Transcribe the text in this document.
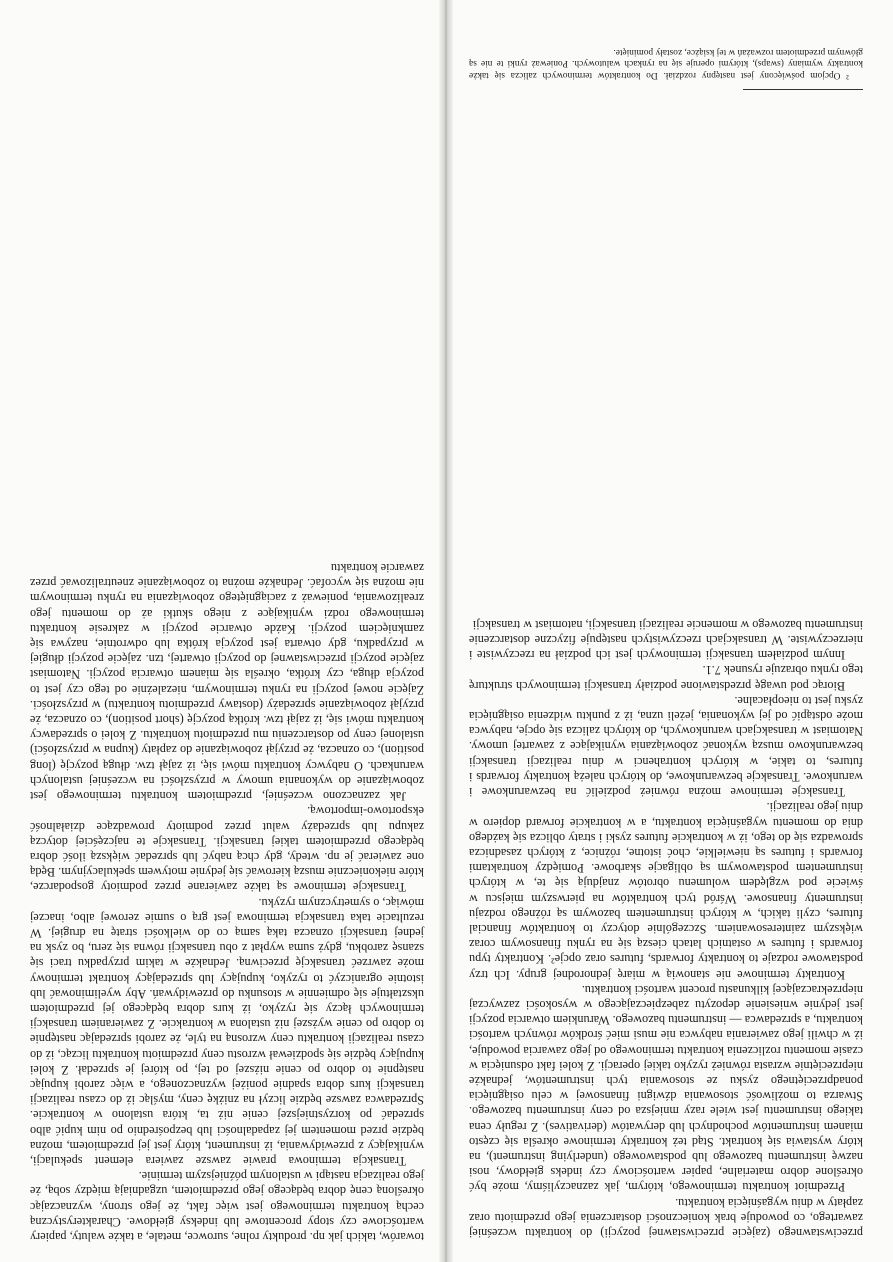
przeciwstawnego (zajęcie przeciwstawnej pozycji) do kontraktu wcześniej zawartego, co powoduje brak konieczności dostarczenia jego przedmiotu oraz zapłaty w dniu wygaśnięcia kontraktu.

Przedmiot kontraktu terminowego, którym, jak zaznaczyliśmy, może być określone dobro materialne, papier wartościowy czy indeks giełdowy, nosi nazwę instrumentu bazowego lub podstawowego (underlying instrument), na który wystawia się kontrakt. Stąd też kontrakty terminowe określa się często mianem instrumentów pochodnych lub derywatów (derivatives). Z reguły cena takiego instrumentu jest wiele razy mniejsza od ceny instrumentu bazowego. Stwarza to możliwość stosowania dźwigni finansowej w celu osiągnięcia ponadprzeciętnego zysku ze stosowania tych instrumentów, jednakże nieprzeciętnie wzrasta również ryzyko takiej operacji. Z kolei fakt odsunięcia w czasie momentu rozliczenia kontraktu terminowego od jego zawarcia powoduje, iż w chwili jego zawierania nabywca nie musi mieć środków równych wartości kontraktu, a sprzedawca — instrumentu bazowego. Warunkiem otwarcia pozycji jest jedynie wniesienie depozytu zabezpieczającego w wysokości zazwyczaj nieprzekraczającej kilkunastu procent wartości kontraktu.

Kontrakty terminowe nie stanowią w miarę jednorodnej grupy. Ich trzy podstawowe rodzaje to kontrakty forwards, futures oraz opcje². Kontrakty typu forwards i futures w ostatnich latach cieszą się na rynku finansowym coraz większym zainteresowaniem. Szczególnie dotyczy to kontraktów financial futures, czyli takich, w których instrumentem bazowym są różnego rodzaju instrumenty finansowe. Wśród tych kontraktów na pierwszym miejscu w świecie pod względem wolumenu obrotów znajdują się te, w których instrumentem podstawowym są obligacje skarbowe. Pomiędzy kontraktami forwards i futures są niewielkie, choć istotne, różnice, z których zasadnicza sprowadza się do tego, iż w kontrakcie futures zyski i straty oblicza się każdego dnia do momentu wygaśnięcia kontraktu, a w kontrakcie forward dopiero w dniu jego realizacji.

Transakcje terminowe można również podzielić na bezwarunkowe i warunkowe. Transakcje bezwarunkowe, do których należą kontrakty forwards i futures, to takie, w których kontrahenci w dniu realizacji transakcji bezwarunkowo muszą wykonać zobowiązania wynikające z zawartej umowy. Natomiast w transakcjach warunkowych, do których zalicza się opcje, nabywca może odstąpić od jej wykonania, jeżeli uzna, iż z punktu widzenia osiągnięcia zysku jest to nieopłacalne.

Biorąc pod uwagę przedstawione podziały transakcji terminowych strukturę tego rynku obrazuje rysunek 7.1.

Innym podziałem transakcji terminowych jest ich podział na rzeczywiste i nierzeczywiste. W transakcjach rzeczywistych następuje fizyczne dostarczenie instrumentu bazowego w momencie realizacji transakcji, natomiast w transakcji

² Opcjom poświęcony jest następny rozdział. Do kontraktów terminowych zalicza się także kontrakty wymiany (swaps), którymi operuje się na rynkach walutowych. Ponieważ rynki te nie są głównym przedmiotem rozważań w tej książce, zostały pominięte.

towarów, takich jak np. produkty rolne, surowce, metale, a także waluty, papiery wartościowe czy stopy procentowe lub indeksy giełdowe. Charakterystyczną cechą kontraktu terminowego jest więc fakt, że jego strony, wyznaczając określoną cenę dobra będącego jego przedmiotem, uzgadniają między sobą, że jego realizacja nastąpi w ustalonym późniejszym terminie.

Transakcja terminowa prawie zawsze zawiera element spekulacji, wynikający z przewidywania, iż instrument, który jest jej przedmiotem, można będzie przed momentem jej zapadalności lub bezpośrednio po nim kupić albo sprzedać po korzystniejszej cenie niż ta, która ustalono w kontrakcie. Sprzedawca zawsze będzie liczył na zniżkę ceny, myśląc iż do czasu realizacji transakcji kurs dobra spadnie poniżej wyznaczonego, a więc zarobi kupując następnie to dobro po cenie niższej od tej, po której je sprzedał. Z kolei kupujący będzie się spodziewał wzrostu ceny przedmiotu kontraktu licząc, iż do czasu realizacji kontraktu ceny wzrosną na tyle, że zarobi sprzedając następnie to dobro po cenie wyższej niż ustalona w kontrakcie. Z zawieraniem transakcji terminowych łączy się ryzyko, iż kurs dobra będącego jej przedmiotem ukształtuje się odmiennie w stosunku do przewidywań. Aby wyeliminować lub istotnie ograniczyć to ryzyko, kupujący lub sprzedający kontrakt terminowy może zawrzeć transakcję przeciwną. Jednakże w takim przypadku traci się szansę zarobku, gdyż suma wypłat z obu transakcji równa się zeru, bo zysk na jednej transakcji oznacza taką samą co do wielkości stratę na drugiej. W rezultacie taka transakcja terminowa jest grą o sumie zerowej albo, inaczej mówiąc, o symetrycznym ryzyku.

Transakcje terminowe są także zawierane przez podmioty gospodarcze, które niekoniecznie muszą kierować się jedynie motywem spekulacyjnym. Będą one zawierać je np. wtedy, gdy chcą nabyć lub sprzedać większą ilość dobra będącego przedmiotem takiej transakcji. Transakcje te najczęściej dotyczą zakupu lub sprzedaży walut przez podmioty prowadzące działalność eksportowo-importową.

Jak zaznaczono wcześniej, przedmiotem kontraktu terminowego jest zobowiązanie do wykonania umowy w przyszłości na wcześniej ustalonych warunkach. O nabywcy kontraktu mówi się, iż zajął tzw. długą pozycję (long position), co oznacza, że przyjął zobowiązanie do zapłaty (kupna w przyszłości) ustalonej ceny po dostarczeniu mu przedmiotu kontraktu. Z kolei o sprzedawcy kontraktu mówi się, iż zajął tzw. krótką pozycję (short position), co oznacza, że przyjął zobowiązanie sprzedaży (dostawy przedmiotu kontraktu) w przyszłości. Zajęcie nowej pozycji na rynku terminowym, niezależnie od tego czy jest to pozycja długa, czy krótka, określa się mianem otwarcia pozycji. Natomiast zajęcie pozycji przeciwstawnej do pozycji otwartej, tzn. zajęcie pozycji długiej w przypadku, gdy otwarta jest pozycja krótka lub odwrotnie, nazywa się zamknięciem pozycji. Każde otwarcie pozycji w zakresie kontraktu terminowego rodzi wynikające z niego skutki aż do momentu jego zrealizowania, ponieważ z zaciągniętego zobowiązania na rynku terminowym nie można się wycofać. Jednakże można to zobowiązanie zneutralizować przez zawarcie kontraktu
